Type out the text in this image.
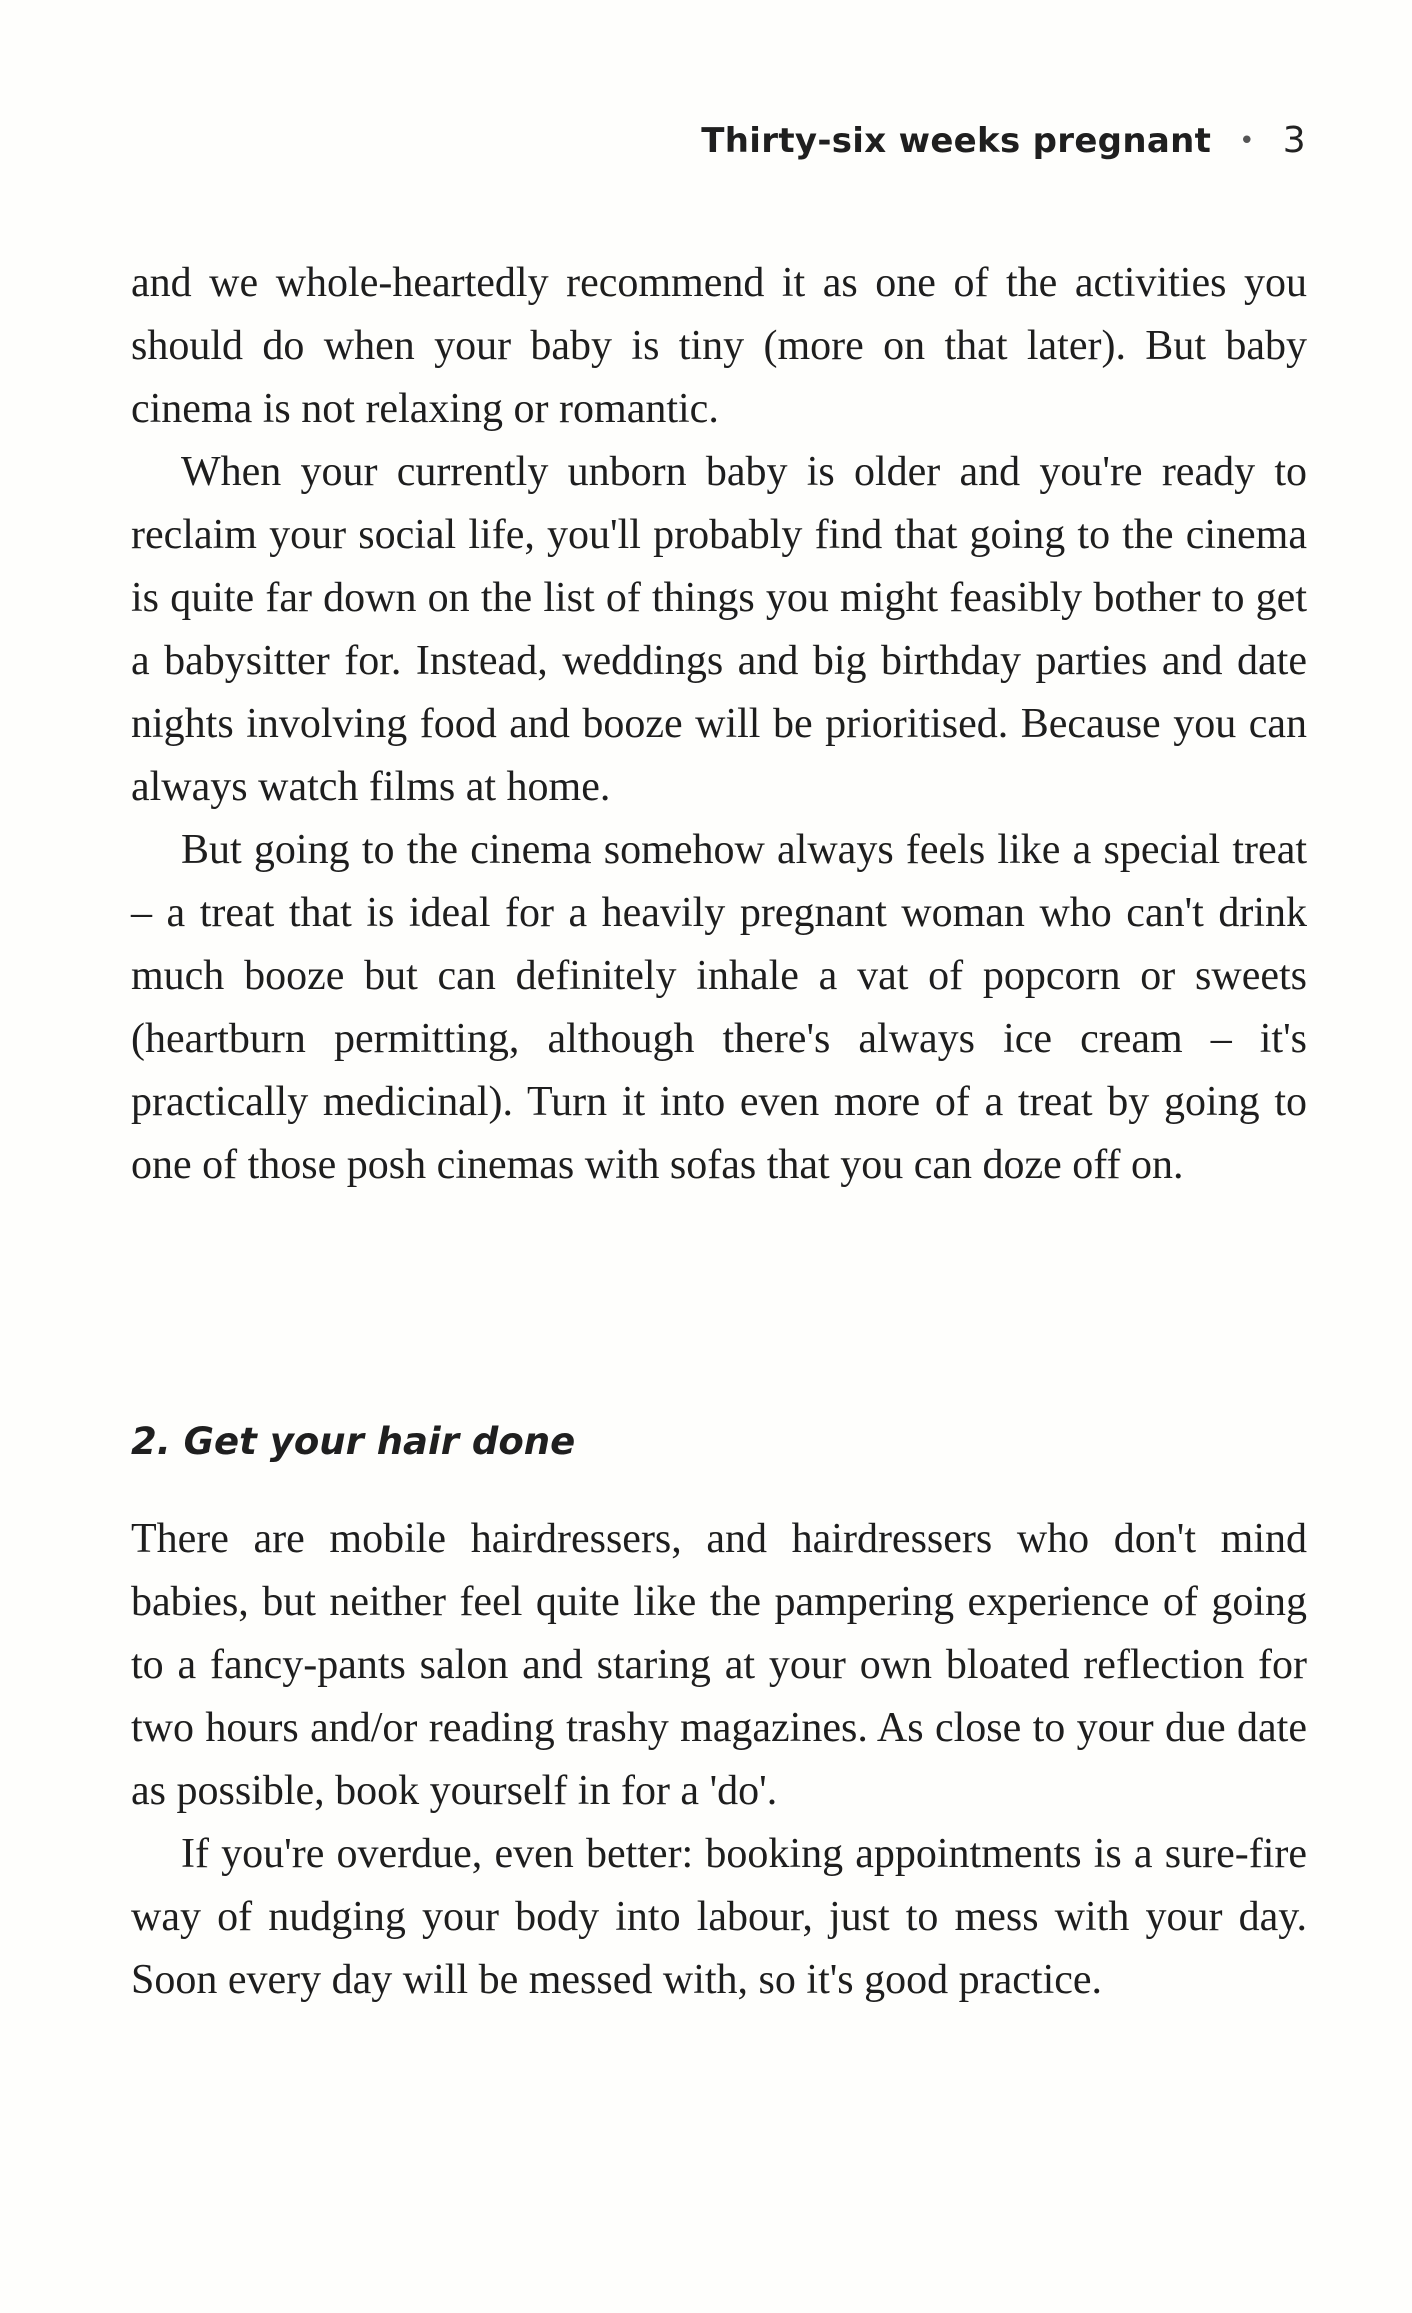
Thirty-six weeks pregnant • 3

and we whole-heartedly recommend it as one of the activities you should do when your baby is tiny (more on that later). But baby cinema is not relaxing or romantic.

When your currently unborn baby is older and you're ready to reclaim your social life, you'll probably find that going to the cinema is quite far down on the list of things you might feasibly bother to get a babysitter for. Instead, weddings and big birthday parties and date nights involving food and booze will be prioritised. Because you can always watch films at home.

But going to the cinema somehow always feels like a special treat – a treat that is ideal for a heavily pregnant woman who can't drink much booze but can definitely inhale a vat of popcorn or sweets (heartburn permitting, although there's always ice cream – it's practically medicinal). Turn it into even more of a treat by going to one of those posh cinemas with sofas that you can doze off on.

2. Get your hair done

There are mobile hairdressers, and hairdressers who don't mind babies, but neither feel quite like the pampering experience of going to a fancy-pants salon and staring at your own bloated reflection for two hours and/or reading trashy magazines. As close to your due date as possible, book yourself in for a 'do'.

If you're overdue, even better: booking appointments is a sure-fire way of nudging your body into labour, just to mess with your day. Soon every day will be messed with, so it's good practice.
